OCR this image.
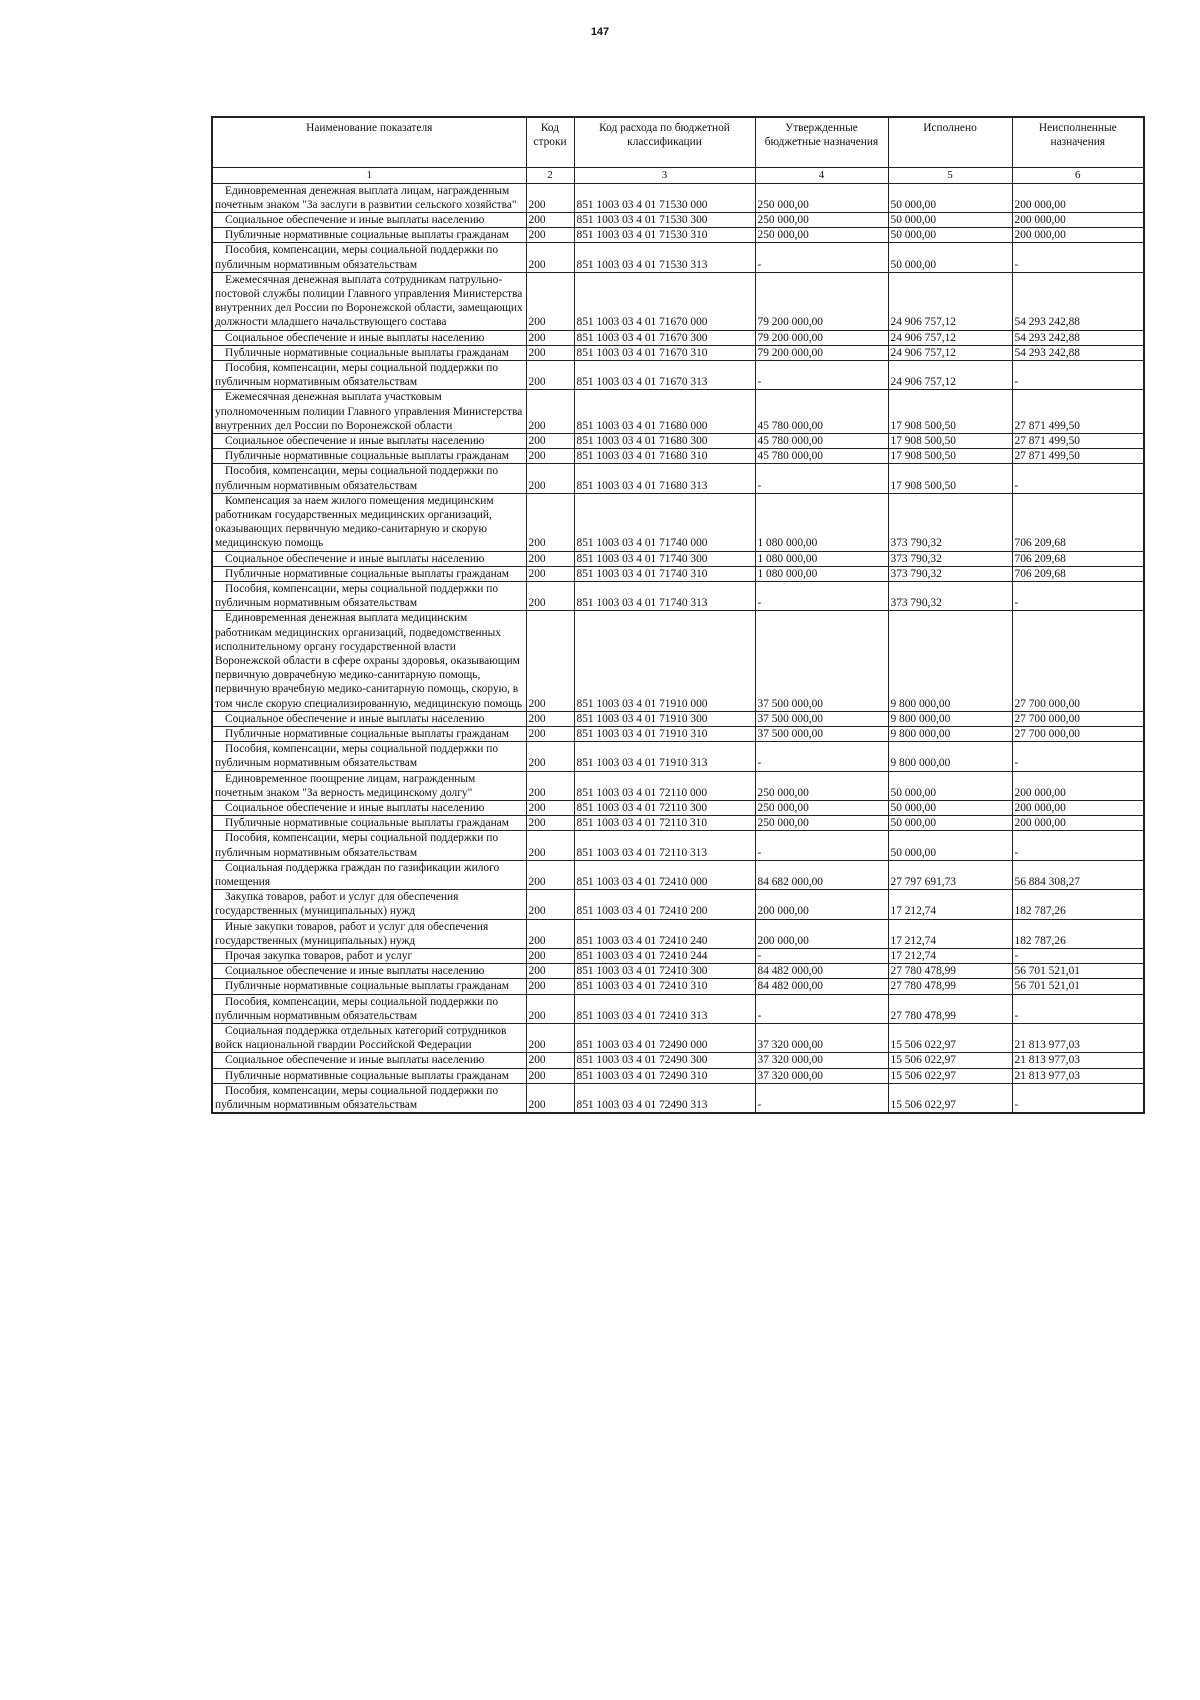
147
Наименование показателя	Код строки	Код расхода по бюджетной классификации	Утвержденные бюджетные назначения	Исполнено	Неисполненные назначения
1	2	3	4	5	6
Единовременная денежная выплата лицам, награжденным почетным знаком "За заслуги в развитии сельского хозяйства"	200	851 1003 03 4 01 71530 000	250 000,00	50 000,00	200 000,00
Социальное обеспечение и иные выплаты населению	200	851 1003 03 4 01 71530 300	250 000,00	50 000,00	200 000,00
Публичные нормативные социальные выплаты гражданам	200	851 1003 03 4 01 71530 310	250 000,00	50 000,00	200 000,00
Пособия, компенсации, меры социальной поддержки по публичным нормативным обязательствам	200	851 1003 03 4 01 71530 313	-	50 000,00	-
Ежемесячная денежная выплата сотрудникам патрульно-постовой службы полиции Главного управления Министерства внутренних дел России по Воронежской области, замещающих должности младшего начальствующего состава	200	851 1003 03 4 01 71670 000	79 200 000,00	24 906 757,12	54 293 242,88
Социальное обеспечение и иные выплаты населению	200	851 1003 03 4 01 71670 300	79 200 000,00	24 906 757,12	54 293 242,88
Публичные нормативные социальные выплаты гражданам	200	851 1003 03 4 01 71670 310	79 200 000,00	24 906 757,12	54 293 242,88
Пособия, компенсации, меры социальной поддержки по публичным нормативным обязательствам	200	851 1003 03 4 01 71670 313	-	24 906 757,12	-
Ежемесячная денежная выплата участковым уполномоченным полиции Главного управления Министерства внутренних дел России по Воронежской области	200	851 1003 03 4 01 71680 000	45 780 000,00	17 908 500,50	27 871 499,50
Социальное обеспечение и иные выплаты населению	200	851 1003 03 4 01 71680 300	45 780 000,00	17 908 500,50	27 871 499,50
Публичные нормативные социальные выплаты гражданам	200	851 1003 03 4 01 71680 310	45 780 000,00	17 908 500,50	27 871 499,50
Пособия, компенсации, меры социальной поддержки по публичным нормативным обязательствам	200	851 1003 03 4 01 71680 313	-	17 908 500,50	-
Компенсация за наем жилого помещения медицинским работникам государственных медицинских организаций, оказывающих первичную медико-санитарную и скорую медицинскую помощь	200	851 1003 03 4 01 71740 000	1 080 000,00	373 790,32	706 209,68
Социальное обеспечение и иные выплаты населению	200	851 1003 03 4 01 71740 300	1 080 000,00	373 790,32	706 209,68
Публичные нормативные социальные выплаты гражданам	200	851 1003 03 4 01 71740 310	1 080 000,00	373 790,32	706 209,68
Пособия, компенсации, меры социальной поддержки по публичным нормативным обязательствам	200	851 1003 03 4 01 71740 313	-	373 790,32	-
Единовременная денежная выплата медицинским работникам медицинских организаций, подведомственных исполнительному органу государственной власти Воронежской области в сфере охраны здоровья, оказывающим первичную доврачебную медико-санитарную помощь, первичную врачебную медико-санитарную помощь, скорую, в том числе скорую специализированную, медицинскую помощь	200	851 1003 03 4 01 71910 000	37 500 000,00	9 800 000,00	27 700 000,00
Социальное обеспечение и иные выплаты населению	200	851 1003 03 4 01 71910 300	37 500 000,00	9 800 000,00	27 700 000,00
Публичные нормативные социальные выплаты гражданам	200	851 1003 03 4 01 71910 310	37 500 000,00	9 800 000,00	27 700 000,00
Пособия, компенсации, меры социальной поддержки по публичным нормативным обязательствам	200	851 1003 03 4 01 71910 313	-	9 800 000,00	-
Единовременное поощрение лицам, награжденным почетным знаком "За верность медицинскому долгу"	200	851 1003 03 4 01 72110 000	250 000,00	50 000,00	200 000,00
Социальное обеспечение и иные выплаты населению	200	851 1003 03 4 01 72110 300	250 000,00	50 000,00	200 000,00
Публичные нормативные социальные выплаты гражданам	200	851 1003 03 4 01 72110 310	250 000,00	50 000,00	200 000,00
Пособия, компенсации, меры социальной поддержки по публичным нормативным обязательствам	200	851 1003 03 4 01 72110 313	-	50 000,00	-
Социальная поддержка граждан по газификации жилого помещения	200	851 1003 03 4 01 72410 000	84 682 000,00	27 797 691,73	56 884 308,27
Закупка товаров, работ и услуг для обеспечения государственных (муниципальных) нужд	200	851 1003 03 4 01 72410 200	200 000,00	17 212,74	182 787,26
Иные закупки товаров, работ и услуг для обеспечения государственных (муниципальных) нужд	200	851 1003 03 4 01 72410 240	200 000,00	17 212,74	182 787,26
Прочая закупка товаров, работ и услуг	200	851 1003 03 4 01 72410 244	-	17 212,74	-
Социальное обеспечение и иные выплаты населению	200	851 1003 03 4 01 72410 300	84 482 000,00	27 780 478,99	56 701 521,01
Публичные нормативные социальные выплаты гражданам	200	851 1003 03 4 01 72410 310	84 482 000,00	27 780 478,99	56 701 521,01
Пособия, компенсации, меры социальной поддержки по публичным нормативным обязательствам	200	851 1003 03 4 01 72410 313	-	27 780 478,99	-
Социальная поддержка отдельных категорий сотрудников войск национальной гвардии Российской Федерации	200	851 1003 03 4 01 72490 000	37 320 000,00	15 506 022,97	21 813 977,03
Социальное обеспечение и иные выплаты населению	200	851 1003 03 4 01 72490 300	37 320 000,00	15 506 022,97	21 813 977,03
Публичные нормативные социальные выплаты гражданам	200	851 1003 03 4 01 72490 310	37 320 000,00	15 506 022,97	21 813 977,03
Пособия, компенсации, меры социальной поддержки по публичным нормативным обязательствам	200	851 1003 03 4 01 72490 313	-	15 506 022,97	-
